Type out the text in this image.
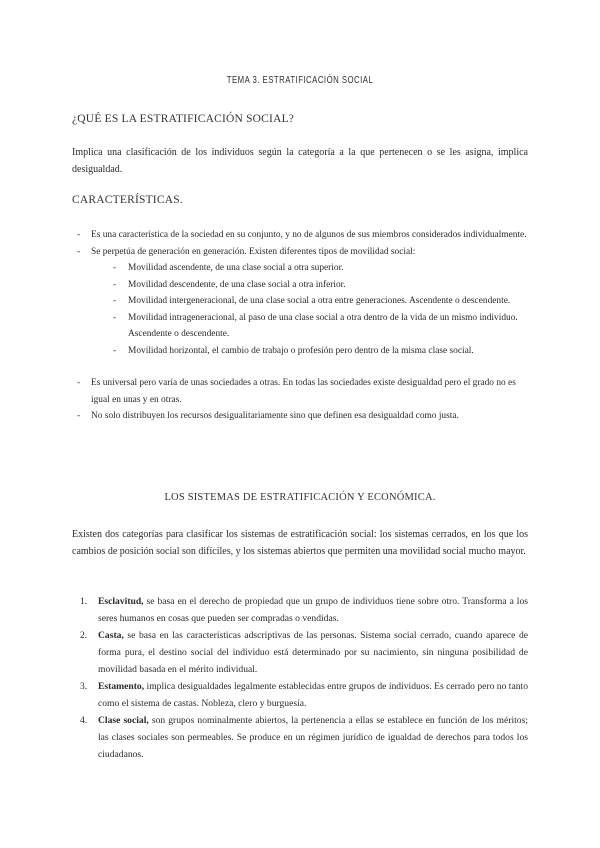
TEMA 3. ESTRATIFICACIÓN SOCIAL
¿QUÉ ES LA ESTRATIFICACIÓN SOCIAL?
Implica una clasificación de los individuos según la categoría a la que pertenecen o se les asigna, implica desigualdad.
CARACTERÍSTICAS.
- Es una característica de la sociedad en su conjunto, y no de algunos de sus miembros considerados individualmente.
- Se perpetúa de generación en generación. Existen diferentes tipos de movilidad social:
- Movilidad ascendente, de una clase social a otra superior.
- Movilidad descendente, de una clase social a otra inferior.
- Movilidad intergeneracional, de una clase social a otra entre generaciones. Ascendente o descendente.
- Movilidad intrageneracional, al paso de una clase social a otra dentro de la vida de un mismo individuo. Ascendente o descendente.
- Movilidad horizontal, el cambio de trabajo o profesión pero dentro de la misma clase social.
- Es universal pero varía de unas sociedades a otras. En todas las sociedades existe desigualdad pero el grado no es igual en unas y en otras.
- No solo distribuyen los recursos desigualitariamente sino que definen esa desigualdad como justa.
LOS SISTEMAS DE ESTRATIFICACIÓN Y ECONÓMICA.
Existen dos categorías para clasificar los sistemas de estratificación social: los sistemas cerrados, en los que los cambios de posición social son difíciles, y los sistemas abiertos que permiten una movilidad social mucho mayor.
1. Esclavitud, se basa en el derecho de propiedad que un grupo de individuos tiene sobre otro. Transforma a los seres humanos en cosas que pueden ser compradas o vendidas.
2. Casta, se basa en las características adscriptivas de las personas. Sistema social cerrado, cuando aparece de forma pura, el destino social del individuo está determinado por su nacimiento, sin ninguna posibilidad de movilidad basada en el mérito individual.
3. Estamento, implica desigualdades legalmente establecidas entre grupos de individuos. Es cerrado pero no tanto como el sistema de castas. Nobleza, clero y burguesía.
4. Clase social, son grupos nominalmente abiertos, la pertenencia a ellas se establece en función de los méritos; las clases sociales son permeables. Se produce en un régimen jurídico de igualdad de derechos para todos los ciudadanos.
